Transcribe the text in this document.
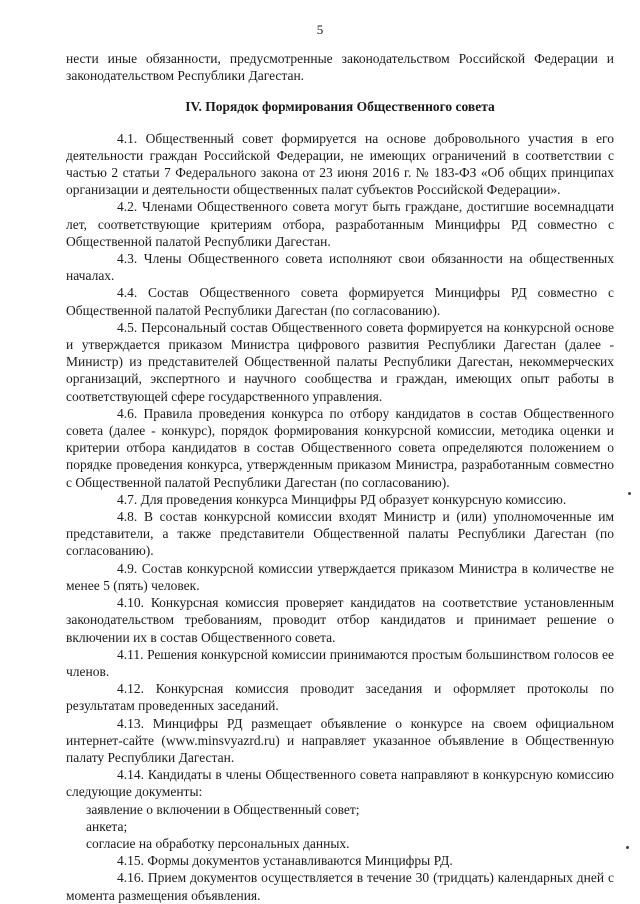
5

нести иные обязанности, предусмотренные законодательством Российской Федерации и законодательством Республики Дагестан.

IV. Порядок формирования Общественного совета

4.1. Общественный совет формируется на основе добровольного участия в его деятельности граждан Российской Федерации, не имеющих ограничений в соответствии с частью 2 статьи 7 Федерального закона от 23 июня 2016 г. № 183-ФЗ «Об общих принципах организации и деятельности общественных палат субъектов Российской Федерации».

4.2. Членами Общественного совета могут быть граждане, достигшие восемнадцати лет, соответствующие критериям отбора, разработанным Минцифры РД совместно с Общественной палатой Республики Дагестан.

4.3. Члены Общественного совета исполняют свои обязанности на общественных началах.

4.4. Состав Общественного совета формируется Минцифры РД совместно с Общественной палатой Республики Дагестан (по согласованию).

4.5. Персональный состав Общественного совета формируется на конкурсной основе и утверждается приказом Министра цифрового развития Республики Дагестан (далее - Министр) из представителей Общественной палаты Республики Дагестан, некоммерческих организаций, экспертного и научного сообщества и граждан, имеющих опыт работы в соответствующей сфере государственного управления.

4.6. Правила проведения конкурса по отбору кандидатов в состав Общественного совета (далее - конкурс), порядок формирования конкурсной комиссии, методика оценки и критерии отбора кандидатов в состав Общественного совета определяются положением о порядке проведения конкурса, утвержденным приказом Министра, разработанным совместно с Общественной палатой Республики Дагестан (по согласованию).

4.7. Для проведения конкурса Минцифры РД образует конкурсную комиссию.

4.8. В состав конкурсной комиссии входят Министр и (или) уполномоченные им представители, а также представители Общественной палаты Республики Дагестан (по согласованию).

4.9. Состав конкурсной комиссии утверждается приказом Министра в количестве не менее 5 (пять) человек.

4.10. Конкурсная комиссия проверяет кандидатов на соответствие установленным законодательством требованиям, проводит отбор кандидатов и принимает решение о включении их в состав Общественного совета.

4.11. Решения конкурсной комиссии принимаются простым большинством голосов ее членов.

4.12. Конкурсная комиссия проводит заседания и оформляет протоколы по результатам проведенных заседаний.

4.13. Минцифры РД размещает объявление о конкурсе на своем официальном интернет-сайте (www.minsvyazrd.ru) и направляет указанное объявление в Общественную палату Республики Дагестан.

4.14. Кандидаты в члены Общественного совета направляют в конкурсную комиссию следующие документы:

заявление о включении в Общественный совет;

анкета;

согласие на обработку персональных данных.

4.15. Формы документов устанавливаются Минцифры РД.

4.16. Прием документов осуществляется в течение 30 (тридцать) календарных дней с момента размещения объявления.
